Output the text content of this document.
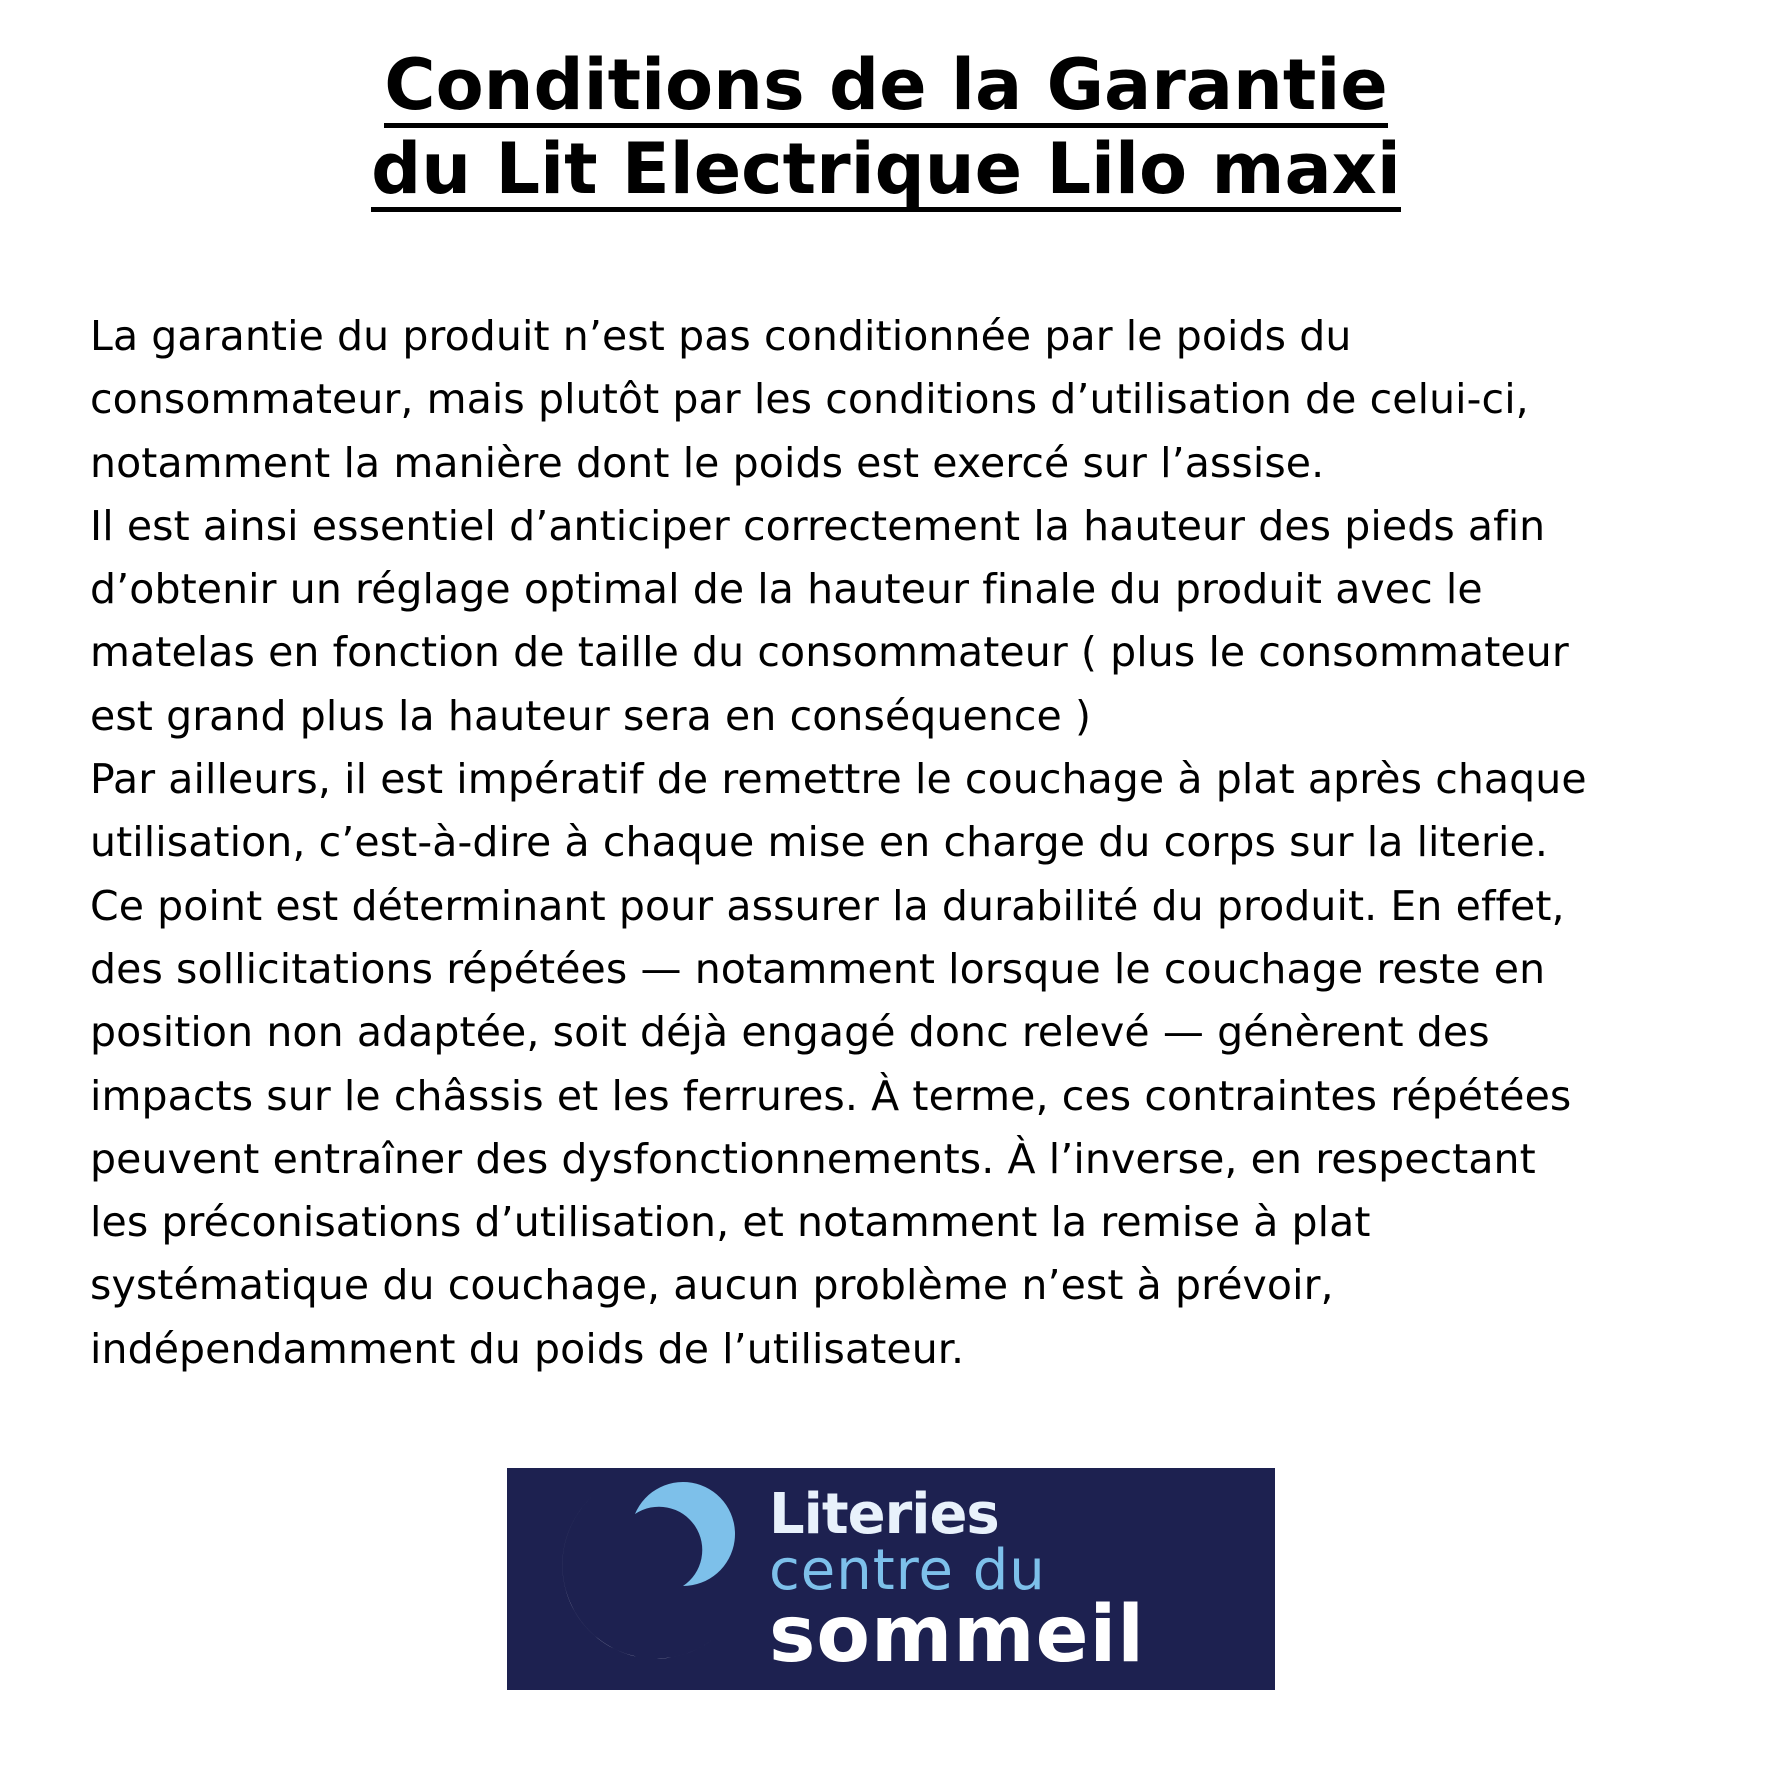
Conditions de la Garantie
du Lit Electrique Lilo maxi
La garantie du produit n’est pas conditionnée par le poids du
consommateur, mais plutôt par les conditions d’utilisation de celui-ci,
notamment la manière dont le poids est exercé sur l’assise.
Il est ainsi essentiel d’anticiper correctement la hauteur des pieds afin
d’obtenir un réglage optimal de la hauteur finale du produit avec le
matelas en fonction de taille du consommateur ( plus le consommateur
est grand plus la hauteur sera en conséquence )
Par ailleurs, il est impératif de remettre le couchage à plat après chaque
utilisation, c’est-à-dire à chaque mise en charge du corps sur la literie.
Ce point est déterminant pour assurer la durabilité du produit. En effet,
des sollicitations répétées — notamment lorsque le couchage reste en
position non adaptée, soit déjà engagé donc relevé — génèrent des
impacts sur le châssis et les ferrures. À terme, ces contraintes répétées
peuvent entraîner des dysfonctionnements. À l’inverse, en respectant
les préconisations d’utilisation, et notamment la remise à plat
systématique du couchage, aucun problème n’est à prévoir,
indépendamment du poids de l’utilisateur.
Literies
centre du
sommeil
